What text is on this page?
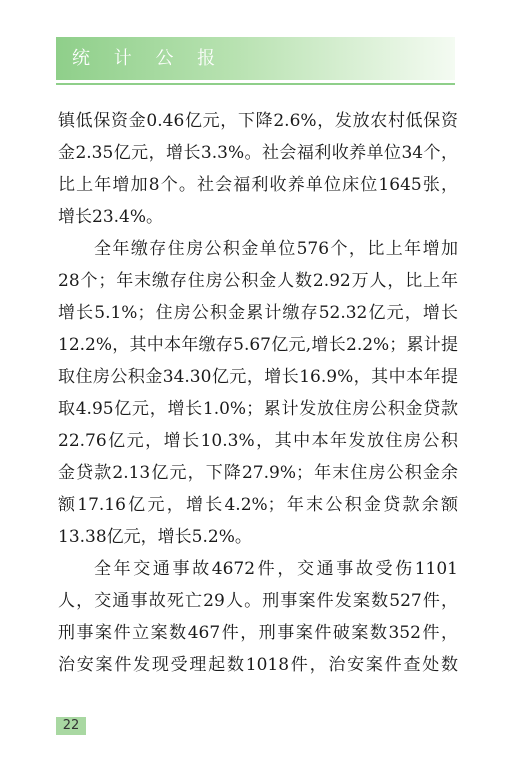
统 计 公 报
镇低保资金0.46亿元，下降2.6%，发放农村低保资
金2.35亿元，增长3.3%。社会福利收养单位34个，
比上年增加8个。社会福利收养单位床位1645张，
增长23.4%。
全年缴存住房公积金单位576个，比上年增加
28个；年末缴存住房公积金人数2.92万人，比上年
增长5.1%；住房公积金累计缴存52.32亿元，增长
12.2%，其中本年缴存5.67亿元,增长2.2%；累计提
取住房公积金34.30亿元，增长16.9%，其中本年提
取4.95亿元，增长1.0%；累计发放住房公积金贷款
22.76亿元，增长10.3%，其中本年发放住房公积
金贷款2.13亿元，下降27.9%；年末住房公积金余
额17.16亿元，增长4.2%；年末公积金贷款余额
13.38亿元，增长5.2%。
全年交通事故4672件，交通事故受伤1101
人，交通事故死亡29人。刑事案件发案数527件，
刑事案件立案数467件，刑事案件破案数352件，
治安案件发现受理起数1018件，治安案件查处数
22
